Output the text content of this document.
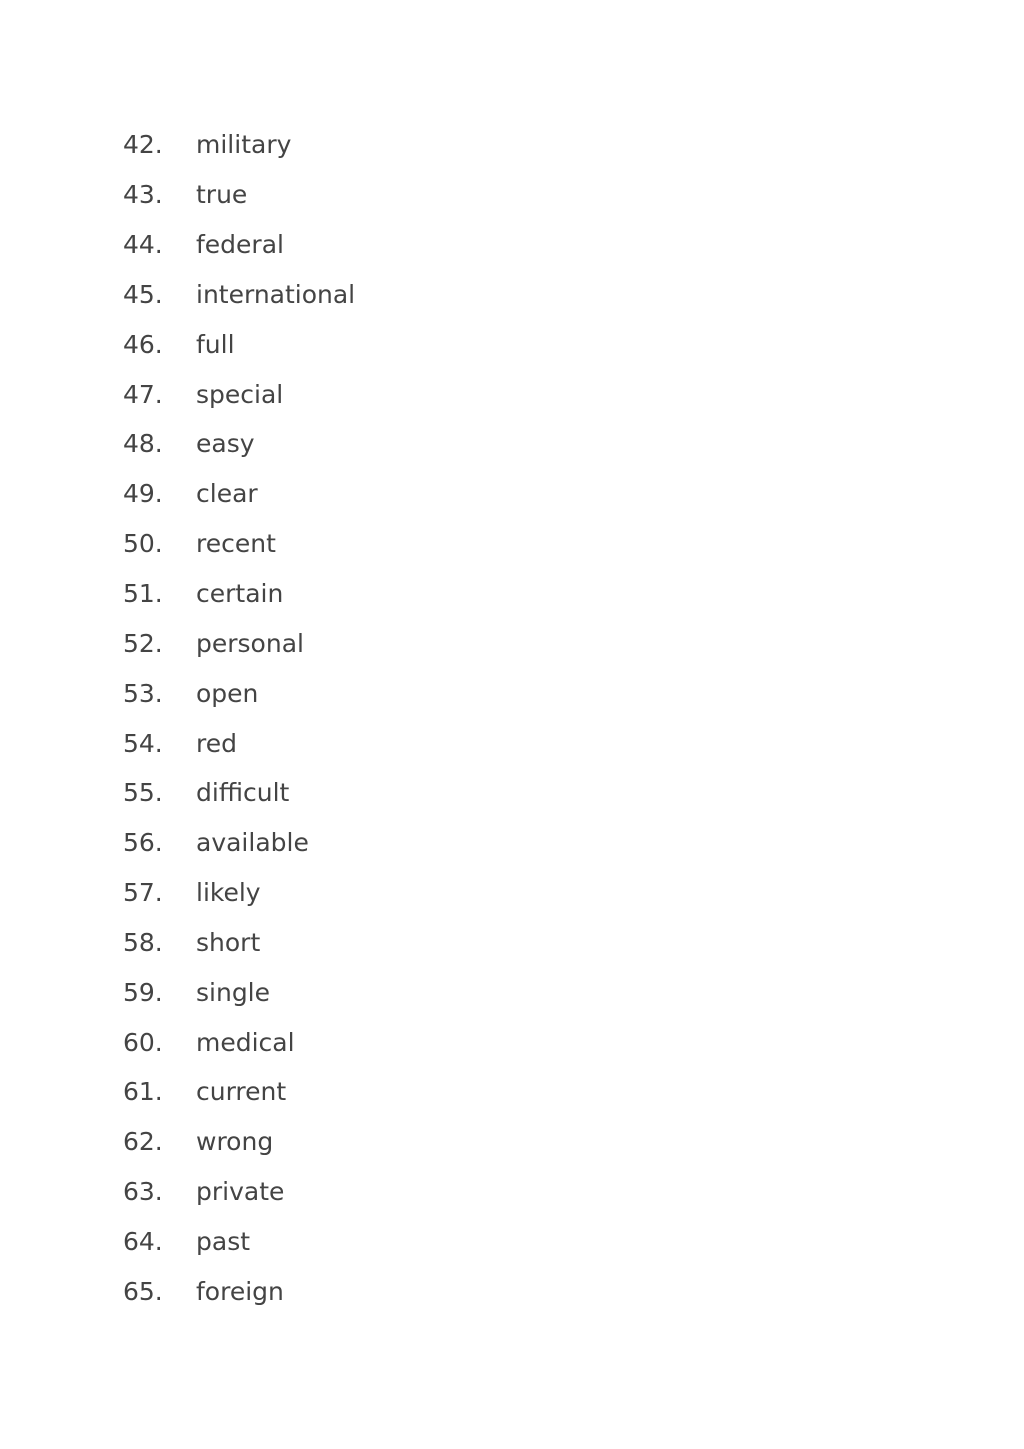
42.	military
43.	true
44.	federal
45.	international
46.	full
47.	special
48.	easy
49.	clear
50.	recent
51.	certain
52.	personal
53.	open
54.	red
55.	difficult
56.	available
57.	likely
58.	short
59.	single
60.	medical
61.	current
62.	wrong
63.	private
64.	past
65.	foreign
